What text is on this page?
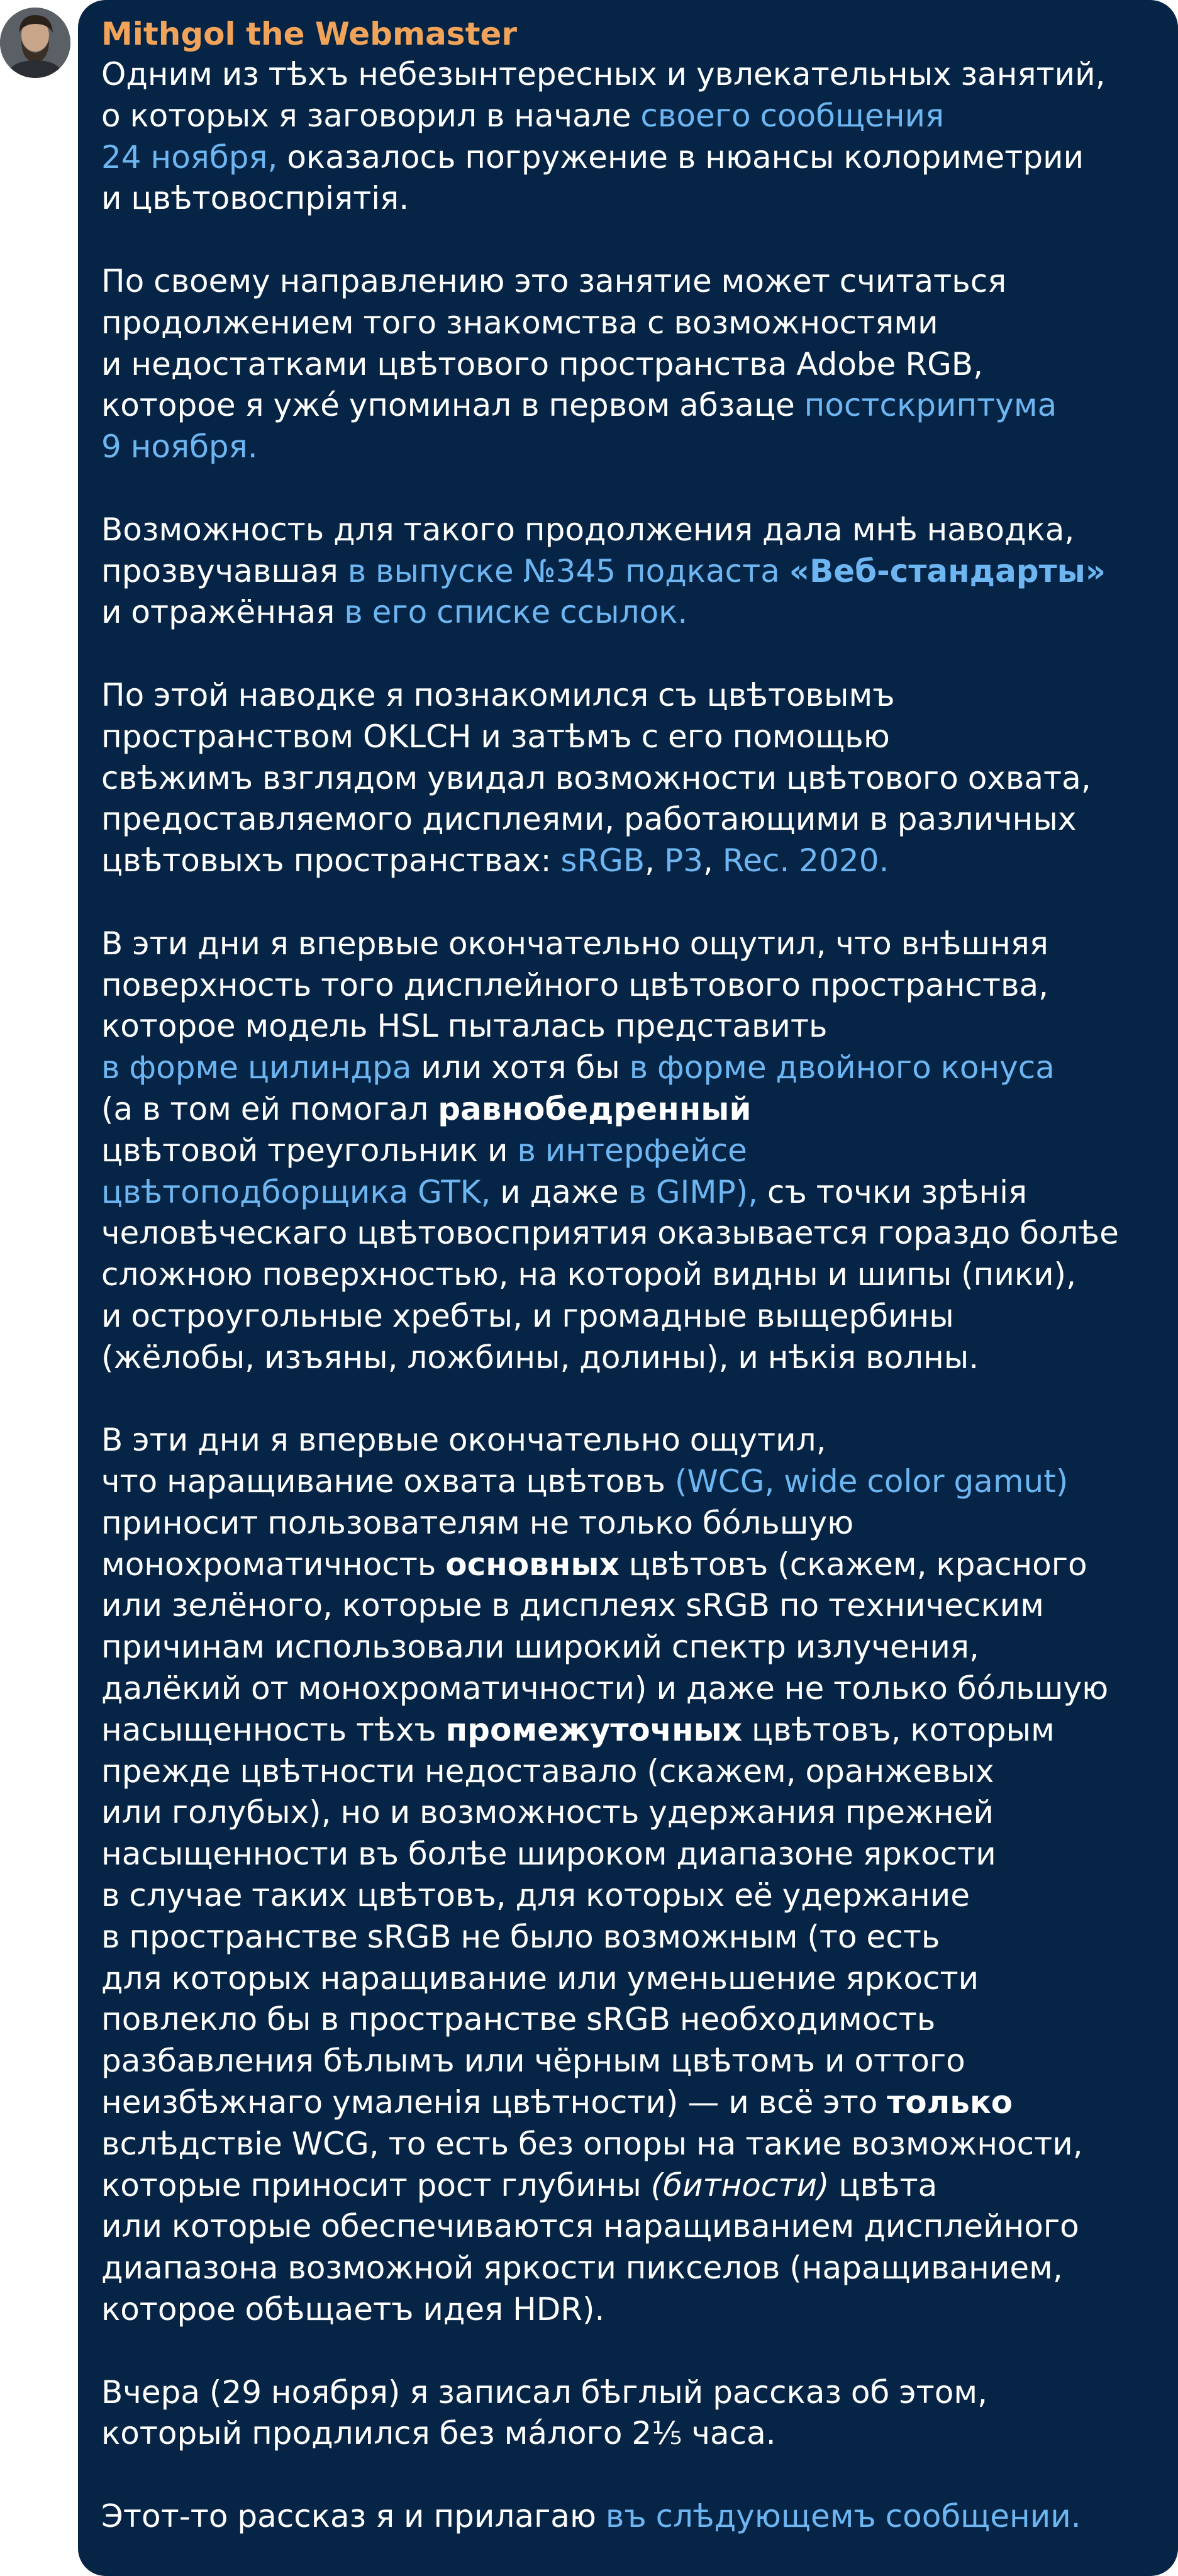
Mithgol the Webmaster
Одним из тѣхъ небезынтересных и увлекательных занятий,
о которых я заговорил в начале своего сообщения
24 ноября, оказалось погружение в нюансы колориметрии
и цвѣтовоспрiятiя.
По своему направлению это занятие может считаться
продолжением того знакомства с возможностями
и недостатками цвѣтового пространства Adobe RGB,
которое я ужé упоминал в первом абзаце постскриптума
9 ноября.
Возможность для такого продолжения дала мнѣ наводка,
прозвучавшая в выпуске №345 подкаста «Веб-стандарты»
и отражённая в его списке ссылок.
По этой наводке я познакомился съ цвѣтовымъ
пространством OKLCH и затѣмъ с его помощью
свѣжимъ взглядом увидал возможности цвѣтового охвата,
предоставляемого дисплеями, работающими в различных
цвѣтовыхъ пространствах: sRGB, P3, Rec. 2020.
В эти дни я впервые окончательно ощутил, что внѣшняя
поверхность того дисплейного цвѣтового пространства,
которое модель HSL пыталась представить
в форме цилиндра или хотя бы в форме двойного конуса
(а в том ей помогал равнобедренный
цвѣтовой треугольник и в интерфейсе
цвѣтоподборщика GTK, и даже в GIMP), съ точки зрѣнiя
человѣческаго цвѣтовосприятия оказывается гораздо болѣе
сложною поверхностью, на которой видны и шипы (пики),
и остроугольные хребты, и громадные выщербины
(жёлобы, изъяны, ложбины, долины), и нѣкiя волны.
В эти дни я впервые окончательно ощутил,
что наращивание охвата цвѣтовъ (WCG, wide color gamut)
приносит пользователям не только бóльшую
монохроматичность основных цвѣтовъ (скажем, красного
или зелёного, которые в дисплеях sRGB по техническим
причинам использовали широкий спектр излучения,
далёкий от монохроматичности) и даже не только бóльшую
насыщенность тѣхъ промежуточных цвѣтовъ, которым
прежде цвѣтности недоставало (скажем, оранжевых
или голубых), но и возможность удержания прежней
насыщенности въ болѣе широком диапазоне яркости
в случае таких цвѣтовъ, для которых её удержание
в пространстве sRGB не было возможным (то есть
для которых наращивание или уменьшение яркости
повлекло бы в пространстве sRGB необходимость
разбавления бѣлымъ или чёрным цвѣтомъ и оттого
неизбѣжнаго умаленiя цвѣтности) — и всё это только
вслѣдствiе WCG, то есть без опоры на такие возможности,
которые приносит рост глубины (битности) цвѣта
или которые обеспечиваются наращиванием дисплейного
диапазона возможной яркости пикселов (наращиванием,
которое обѣщаетъ идея HDR).
Вчера (29 ноября) я записал бѣглый рассказ об этом,
который продлился без мáлого 2⅕ часа.
Этот-то рассказ я и прилагаю въ слѣдующемъ сообщении.
